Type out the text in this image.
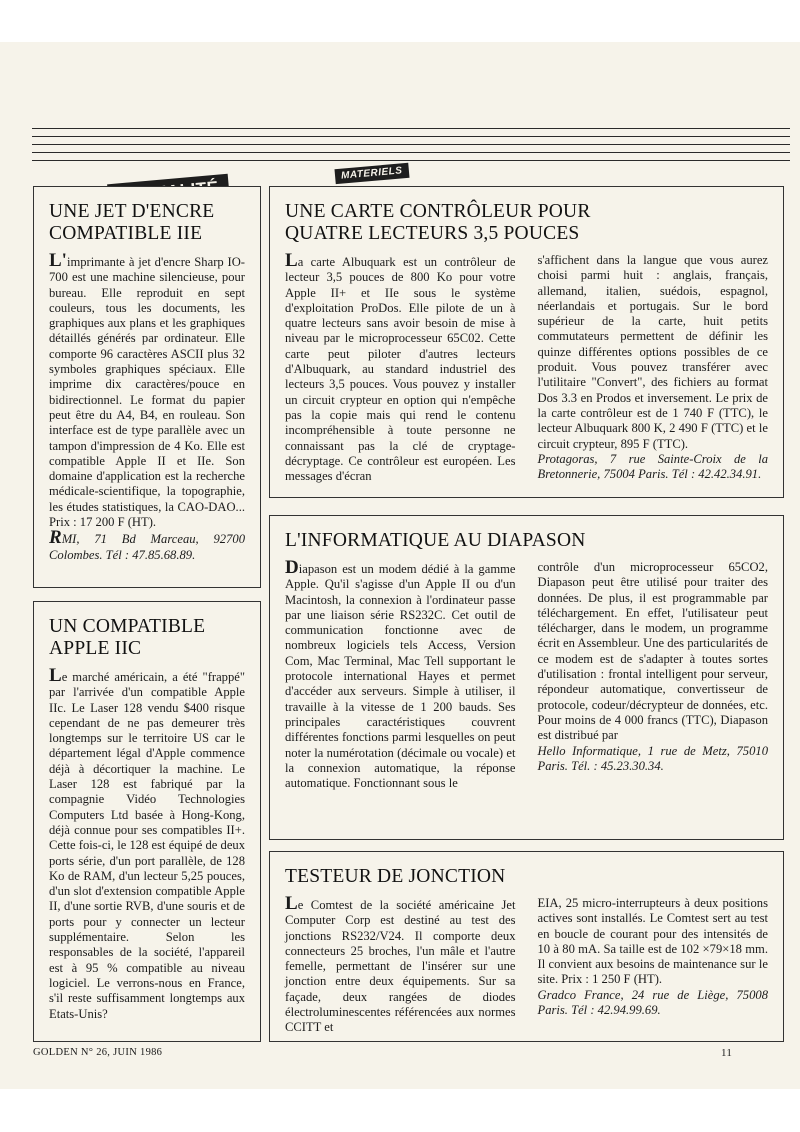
MATERIELS
UNE JET D'ENCRE COMPATIBLE IIE

L'imprimante à jet d'encre Sharp IO-700 est une machine silencieuse, pour bureau. Elle reproduit en sept couleurs, tous les documents, les graphiques aux plans et les graphiques détaillés générés par ordinateur. Elle comporte 96 caractères ASCII plus 32 symboles graphiques spéciaux. Elle imprime dix caractères/pouce en bidirectionnel. Le format du papier peut être du A4, B4, en rouleau. Son interface est de type parallèle avec un tampon d'impression de 4 Ko. Elle est compatible Apple II et IIe. Son domaine d'application est la recherche médicale-scientifique, la topographie, les études statistiques, la CAO-DAO... Prix : 17 200 F (HT).

RMI, 71 Bd Marceau, 92700 Colombes. Tél : 47.85.68.89.

UNE CARTE CONTRÔLEUR POUR QUATRE LECTEURS 3,5 POUCES

La carte Albuquark est un contrôleur de lecteur 3,5 pouces de 800 Ko pour votre Apple II+ et IIe sous le système d'exploitation ProDos. Elle pilote de un à quatre lecteurs sans avoir besoin de mise à niveau par le microprocesseur 65C02. Cette carte peut piloter d'autres lecteurs d'Albuquark, au standard industriel des lecteurs 3,5 pouces. Vous pouvez y installer un circuit crypteur en option qui n'empêche pas la copie mais qui rend le contenu incompréhensible à toute personne ne connaissant pas la clé de cryptage-décryptage. Ce contrôleur est européen. Les messages d'écran

s'affichent dans la langue que vous aurez choisi parmi huit : anglais, français, allemand, italien, suédois, espagnol, néerlandais et portugais. Sur le bord supérieur de la carte, huit petits commutateurs permettent de définir les quinze différentes options possibles de ce produit. Vous pouvez transférer avec l'utilitaire "Convert", des fichiers au format Dos 3.3 en Prodos et inversement. Le prix de la carte contrôleur est de 1 740 F (TTC), le lecteur Albuquark 800 K, 2 490 F (TTC) et le circuit crypteur, 895 F (TTC).

Protagoras, 7 rue Sainte-Croix de la Bretonnerie, 75004 Paris. Tél : 42.42.34.91.

L'INFORMATIQUE AU DIAPASON

Diapason est un modem dédié à la gamme Apple. Qu'il s'agisse d'un Apple II ou d'un Macintosh, la connexion à l'ordinateur passe par une liaison série RS232C. Cet outil de communication fonctionne avec de nombreux logiciels tels Access, Version Com, Mac Terminal, Mac Tell supportant le protocole international Hayes et permet d'accéder aux serveurs. Simple à utiliser, il travaille à la vitesse de 1 200 bauds. Ses principales caractéristiques couvrent différentes fonctions parmi lesquelles on peut noter la numérotation (décimale ou vocale) et la connexion automatique, la réponse automatique. Fonctionnant sous le

contrôle d'un microprocesseur 65CO2, Diapason peut être utilisé pour traiter des données. De plus, il est programmable par téléchargement. En effet, l'utilisateur peut télécharger, dans le modem, un programme écrit en Assembleur. Une des particularités de ce modem est de s'adapter à toutes sortes d'utilisation : frontal intelligent pour serveur, répondeur automatique, convertisseur de protocole, codeur/décrypteur de données, etc. Pour moins de 4 000 francs (TTC), Diapason est distribué par

Hello Informatique, 1 rue de Metz, 75010 Paris. Tél. : 45.23.30.34.

UN COMPATIBLE APPLE IIC

Le marché américain, a été "frappé" par l'arrivée d'un compatible Apple IIc. Le Laser 128 vendu $400 risque cependant de ne pas demeurer très longtemps sur le territoire US car le département légal d'Apple commence déjà à décortiquer la machine. Le Laser 128 est fabriqué par la compagnie Vidéo Technologies Computers Ltd basée à Hong-Kong, déjà connue pour ses compatibles II+. Cette fois-ci, le 128 est équipé de deux ports série, d'un port parallèle, de 128 Ko de RAM, d'un lecteur 5,25 pouces, d'un slot d'extension compatible Apple II, d'une sortie RVB, d'une souris et de ports pour y connecter un lecteur supplémentaire. Selon les responsables de la société, l'appareil est à 95 % compatible au niveau logiciel. Le verrons-nous en France, s'il reste suffisamment longtemps aux Etats-Unis?

TESTEUR DE JONCTION

Le Comtest de la société américaine Jet Computer Corp est destiné au test des jonctions RS232/V24. Il comporte deux connecteurs 25 broches, l'un mâle et l'autre femelle, permettant de l'insérer sur une jonction entre deux équipements. Sur sa façade, deux rangées de diodes électroluminescentes référencées aux normes CCITT et

EIA, 25 micro-interrupteurs à deux positions actives sont installés. Le Comtest sert au test en boucle de courant pour des intensités de 10 à 80 mA. Sa taille est de 102 ×79×18 mm. Il convient aux besoins de maintenance sur le site. Prix : 1 250 F (HT).

Gradco France, 24 rue de Liège, 75008 Paris. Tél : 42.94.99.69.

GOLDEN N° 26, JUIN 1986	11
